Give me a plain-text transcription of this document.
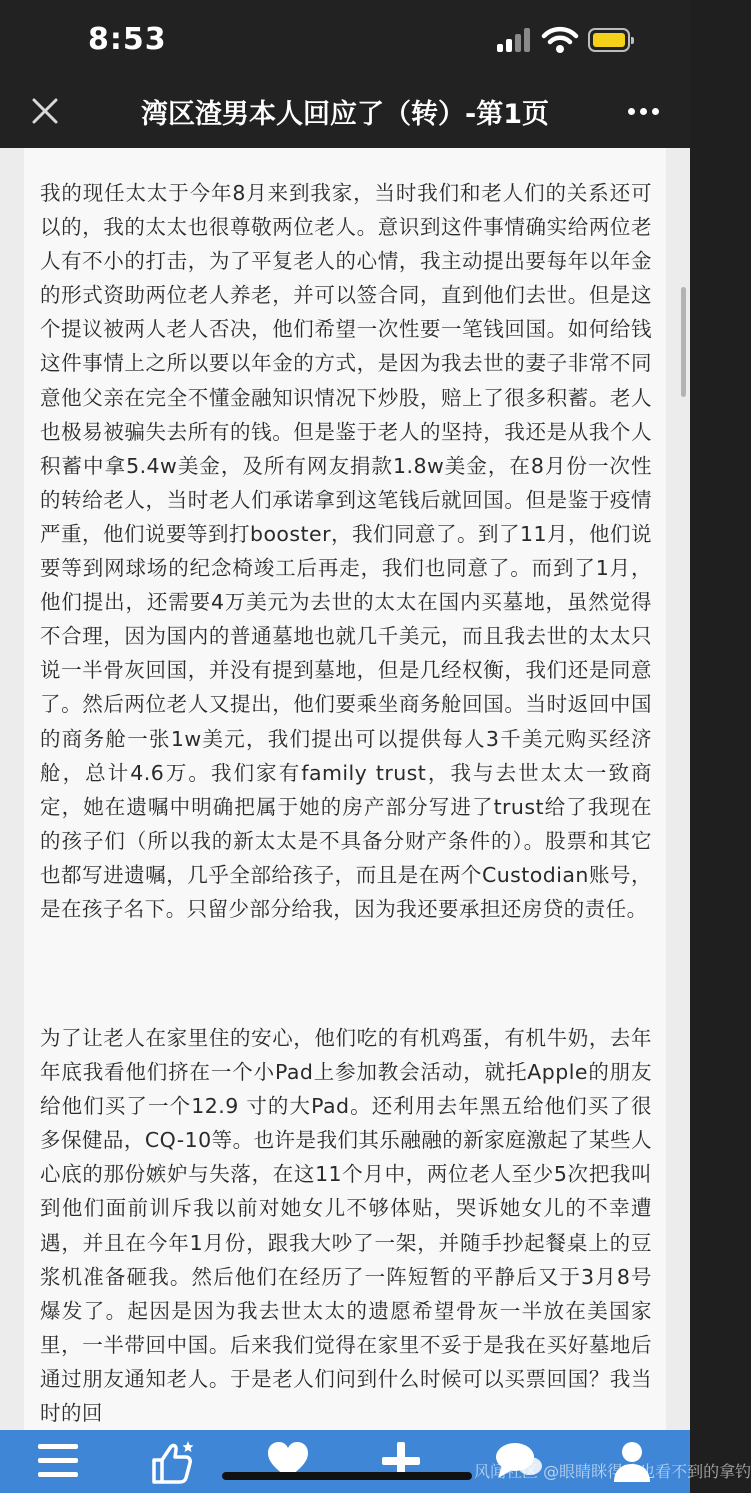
8:53
湾区渣男本人回应了（转）-第1页

我的现任太太于今年8月来到我家，当时我们和老人们的关系还可以的，我的太太也很尊敬两位老人。意识到这件事情确实给两位老人有不小的打击，为了平复老人的心情，我主动提出要每年以年金的形式资助两位老人养老，并可以签合同，直到他们去世。但是这个提议被两人老人否决，他们希望一次性要一笔钱回国。如何给钱这件事情上之所以要以年金的方式，是因为我去世的妻子非常不同意他父亲在完全不懂金融知识情况下炒股，赔上了很多积蓄。老人也极易被骗失去所有的钱。但是鉴于老人的坚持，我还是从我个人积蓄中拿5.4w美金，及所有网友捐款1.8w美金，在8月份一次性的转给老人，当时老人们承诺拿到这笔钱后就回国。但是鉴于疫情严重，他们说要等到打booster，我们同意了。到了11月，他们说要等到网球场的纪念椅竣工后再走，我们也同意了。而到了1月，他们提出，还需要4万美元为去世的太太在国内买墓地，虽然觉得不合理，因为国内的普通墓地也就几千美元，而且我去世的太太只说一半骨灰回国，并没有提到墓地，但是几经权衡，我们还是同意了。然后两位老人又提出，他们要乘坐商务舱回国。当时返回中国的商务舱一张1w美元，我们提出可以提供每人3千美元购买经济舱，总计4.6万。我们家有family trust，我与去世太太一致商定，她在遗嘱中明确把属于她的房产部分写进了trust给了我现在的孩子们（所以我的新太太是不具备分财产条件的）。股票和其它也都写进遗嘱，几乎全部给孩子，而且是在两个Custodian账号，是在孩子名下。只留少部分给我，因为我还要承担还房贷的责任。

为了让老人在家里住的安心，他们吃的有机鸡蛋，有机牛奶，去年年底我看他们挤在一个小Pad上参加教会活动，就托Apple的朋友给他们买了一个12.9 寸的大Pad。还利用去年黑五给他们买了很多保健品，CQ-10等。也许是我们其乐融融的新家庭激起了某些人心底的那份嫉妒与失落，在这11个月中，两位老人至少5次把我叫到他们面前训斥我以前对她女儿不够体贴，哭诉她女儿的不幸遭遇，并且在今年1月份，跟我大吵了一架，并随手抄起餐桌上的豆浆机准备砸我。然后他们在经历了一阵短暂的平静后又于3月8号爆发了。起因是因为我去世太太的遗愿希望骨灰一半放在美国家里，一半带回中国。后来我们觉得在家里不妥于是我在买好墓地后通过朋友通知老人。于是老人们问到什么时候可以买票回国？我当时的回

风闻社区 @眼睛眯得啥也看不到的拿钓
